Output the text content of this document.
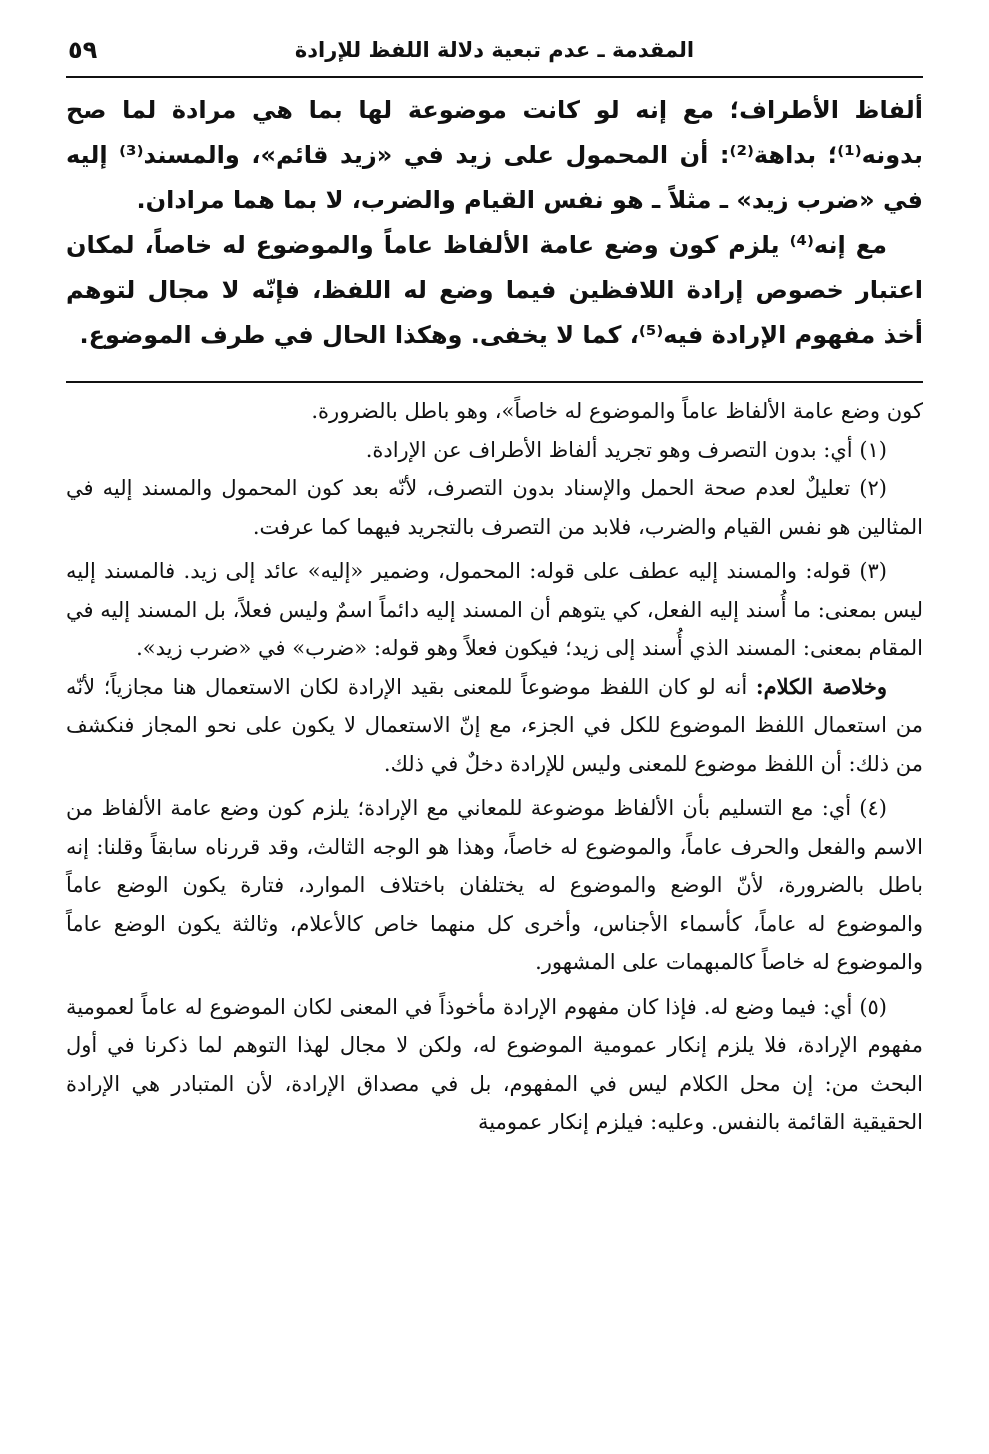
المقدمة ـ عدم تبعية دلالة اللفظ للإرادة
٥٩

ألفاظ الأطراف؛ مع إنه لو كانت موضوعة لها بما هي مرادة لما صح بدونه⁽¹⁾؛ بداهة⁽²⁾: أن المحمول على زيد في «زيد قائم»، والمسند⁽³⁾ إليه في «ضرب زيد» ـ مثلاً ـ هو نفس القيام والضرب، لا بما هما مرادان.

مع إنه⁽⁴⁾ يلزم كون وضع عامة الألفاظ عاماً والموضوع له خاصاً، لمكان اعتبار خصوص إرادة اللافظين فيما وضع له اللفظ، فإنّه لا مجال لتوهم أخذ مفهوم الإرادة فيه⁽⁵⁾، كما لا يخفى. وهكذا الحال في طرف الموضوع.

كون وضع عامة الألفاظ عاماً والموضوع له خاصاً»، وهو باطل بالضرورة.

(١) أي: بدون التصرف وهو تجريد ألفاظ الأطراف عن الإرادة.

(٢) تعليلٌ لعدم صحة الحمل والإسناد بدون التصرف، لأنّه بعد كون المحمول والمسند إليه في المثالين هو نفس القيام والضرب، فلابد من التصرف بالتجريد فيهما كما عرفت.

(٣) قوله: والمسند إليه عطف على قوله: المحمول، وضمير «إليه» عائد إلى زيد. فالمسند إليه ليس بمعنى: ما أُسند إليه الفعل، كي يتوهم أن المسند إليه دائماً اسمٌ وليس فعلاً، بل المسند إليه في المقام بمعنى: المسند الذي أُسند إلى زيد؛ فيكون فعلاً وهو قوله: «ضرب» في «ضرب زيد».

وخلاصة الكلام: أنه لو كان اللفظ موضوعاً للمعنى بقيد الإرادة لكان الاستعمال هنا مجازياً؛ لأنّه من استعمال اللفظ الموضوع للكل في الجزء، مع إنّ الاستعمال لا يكون على نحو المجاز فنكشف من ذلك: أن اللفظ موضوع للمعنى وليس للإرادة دخلٌ في ذلك.

(٤) أي: مع التسليم بأن الألفاظ موضوعة للمعاني مع الإرادة؛ يلزم كون وضع عامة الألفاظ من الاسم والفعل والحرف عاماً، والموضوع له خاصاً، وهذا هو الوجه الثالث، وقد قررناه سابقاً وقلنا: إنه باطل بالضرورة، لأنّ الوضع والموضوع له يختلفان باختلاف الموارد، فتارة يكون الوضع عاماً والموضوع له عاماً، كأسماء الأجناس، وأخرى كل منهما خاص كالأعلام، وثالثة يكون الوضع عاماً والموضوع له خاصاً كالمبهمات على المشهور.

(٥) أي: فيما وضع له. فإذا كان مفهوم الإرادة مأخوذاً في المعنى لكان الموضوع له عاماً لعمومية مفهوم الإرادة، فلا يلزم إنكار عمومية الموضوع له، ولكن لا مجال لهذا التوهم لما ذكرنا في أول البحث من: إن محل الكلام ليس في المفهوم، بل في مصداق الإرادة، لأن المتبادر هي الإرادة الحقيقية القائمة بالنفس. وعليه: فيلزم إنكار عمومية
